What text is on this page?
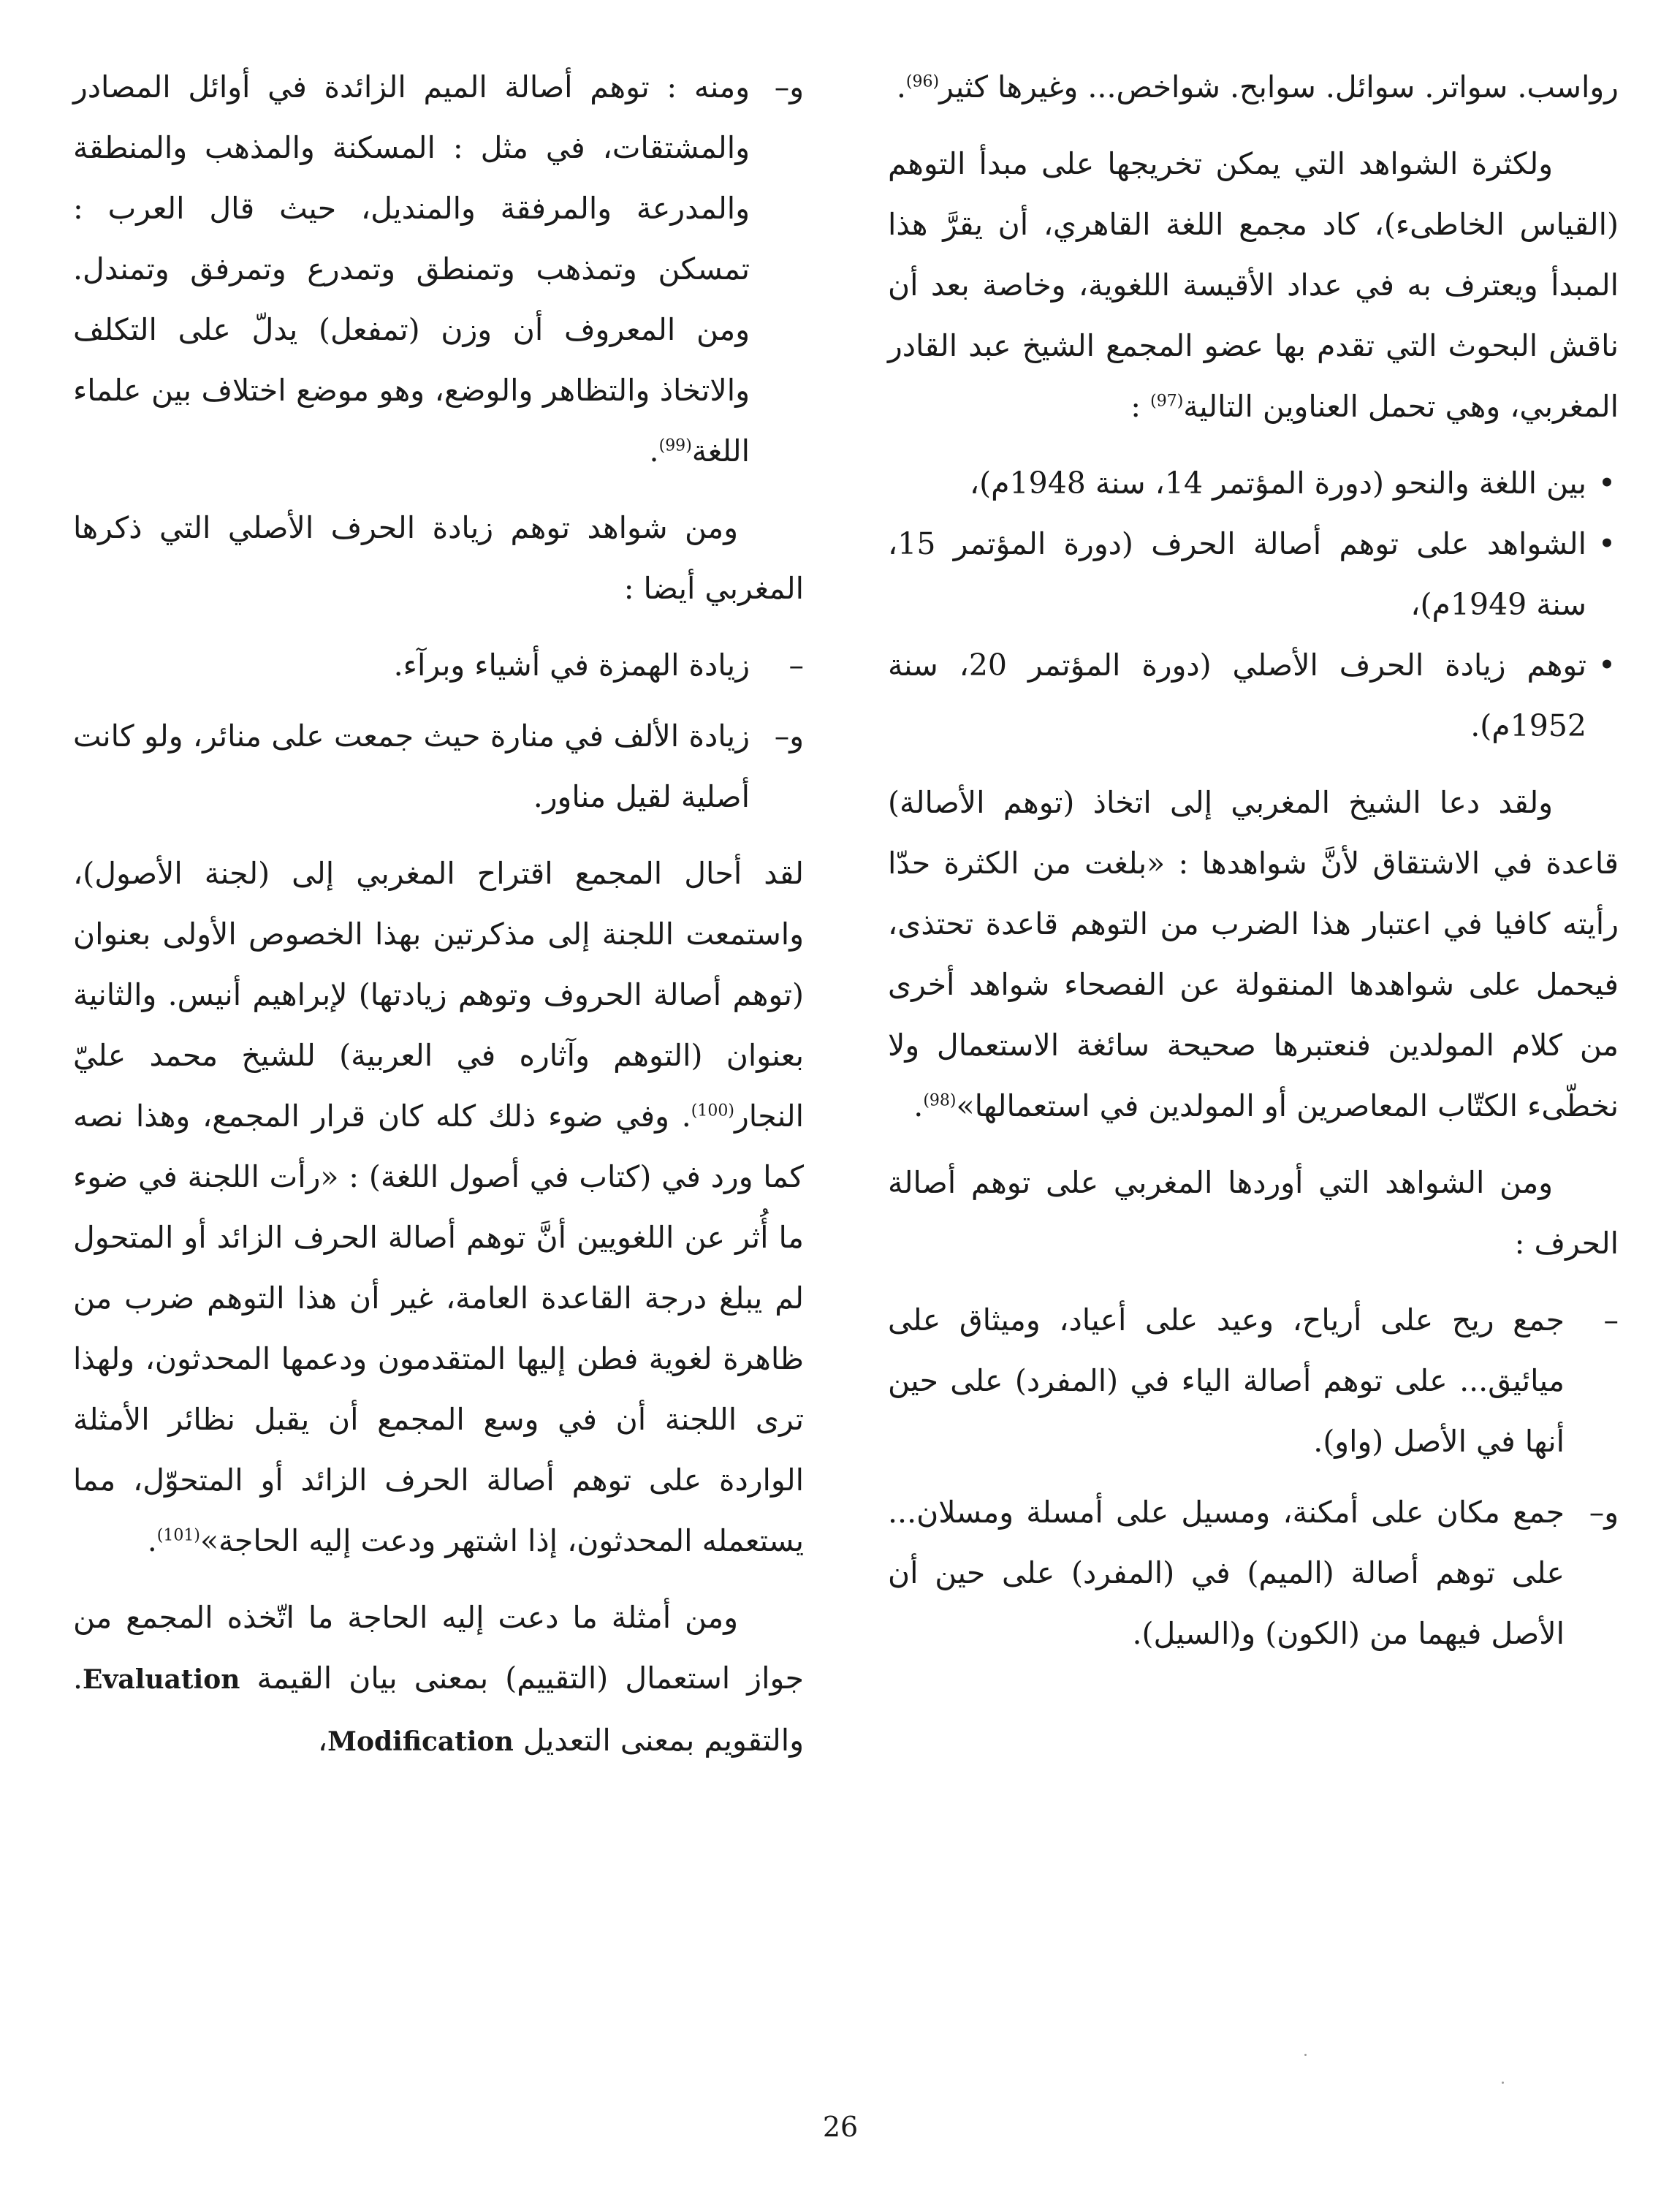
رواسب. سواتر. سوائل. سوابح. شواخص... وغيرها كثير$^{(96)}$.

ولكثرة الشواهد التي يمكن تخريجها على مبدأ التوهم (القياس الخاطىء)، كاد مجمع اللغة القاهري، أن يقرَّ هذا المبدأ ويعترف به في عداد الأقيسة اللغوية، وخاصة بعد أن ناقش البحوث التي تقدم بها عضو المجمع الشيخ عبد القادر المغربي، وهي تحمل العناوين التالية$^{(97)}$ :

•
بين اللغة والنحو (دورة المؤتمر 14، سنة 1948م)،
•
الشواهد على توهم أصالة الحرف (دورة المؤتمر 15، سنة 1949م)،
•
توهم زيادة الحرف الأصلي (دورة المؤتمر 20، سنة 1952م).

ولقد دعا الشيخ المغربي إلى اتخاذ (توهم الأصالة) قاعدة في الاشتقاق لأنَّ شواهدها : «بلغت من الكثرة حدّا رأيته كافيا في اعتبار هذا الضرب من التوهم قاعدة تحتذى، فيحمل على شواهدها المنقولة عن الفصحاء شواهد أخرى من كلام المولدين فنعتبرها صحيحة سائغة الاستعمال ولا نخطّىء الكتّاب المعاصرين أو المولدين في استعمالها»$^{(98)}$.

ومن الشواهد التي أوردها المغربي على توهم أصالة الحرف :

–
جمع ريح على أرياح، وعيد على أعياد، وميثاق على ميائيق... على توهم أصالة الياء في (المفرد) على حين أنها في الأصل (واو).
و–
جمع مكان على أمكنة، ومسيل على أمسلة ومسلان... على توهم أصالة (الميم) في (المفرد) على حين أن الأصل فيهما من (الكون) و(السيل).
و–
ومنه : توهم أصالة الميم الزائدة في أوائل المصادر والمشتقات، في مثل : المسكنة والمذهب والمنطقة والمدرعة والمرفقة والمنديل، حيث قال العرب : تمسكن وتمذهب وتمنطق وتمدرع وتمرفق وتمندل. ومن المعروف أن وزن (تمفعل) يدلّ على التكلف والاتخاذ والتظاهر والوضع، وهو موضع اختلاف بين علماء اللغة$^{(99)}$.

ومن شواهد توهم زيادة الحرف الأصلي التي ذكرها المغربي أيضا :

–
زيادة الهمزة في أشياء وبرآء.
و–
زيادة الألف في منارة حيث جمعت على منائر، ولو كانت أصلية لقيل مناور.

لقد أحال المجمع اقتراح المغربي إلى (لجنة الأصول)، واستمعت اللجنة إلى مذكرتين بهذا الخصوص الأولى بعنوان (توهم أصالة الحروف وتوهم زيادتها) لإبراهيم أنيس. والثانية بعنوان (التوهم وآثاره في العربية) للشيخ محمد عليّ النجار$^{(100)}$. وفي ضوء ذلك كله كان قرار المجمع، وهذا نصه كما ورد في (كتاب في أصول اللغة) : «رأت اللجنة في ضوء ما أُثر عن اللغويين أنَّ توهم أصالة الحرف الزائد أو المتحول لم يبلغ درجة القاعدة العامة، غير أن هذا التوهم ضرب من ظاهرة لغوية فطن إليها المتقدمون ودعمها المحدثون، ولهذا ترى اللجنة أن في وسع المجمع أن يقبل نظائر الأمثلة الواردة على توهم أصالة الحرف الزائد أو المتحوّل، مما يستعمله المحدثون، إذا اشتهر ودعت إليه الحاجة»$^{(101)}$.

ومن أمثلة ما دعت إليه الحاجة ما اتّخذه المجمع من جواز استعمال (التقييم) بمعنى بيان القيمة Evaluation. والتقويم بمعنى التعديل Modification،

26
